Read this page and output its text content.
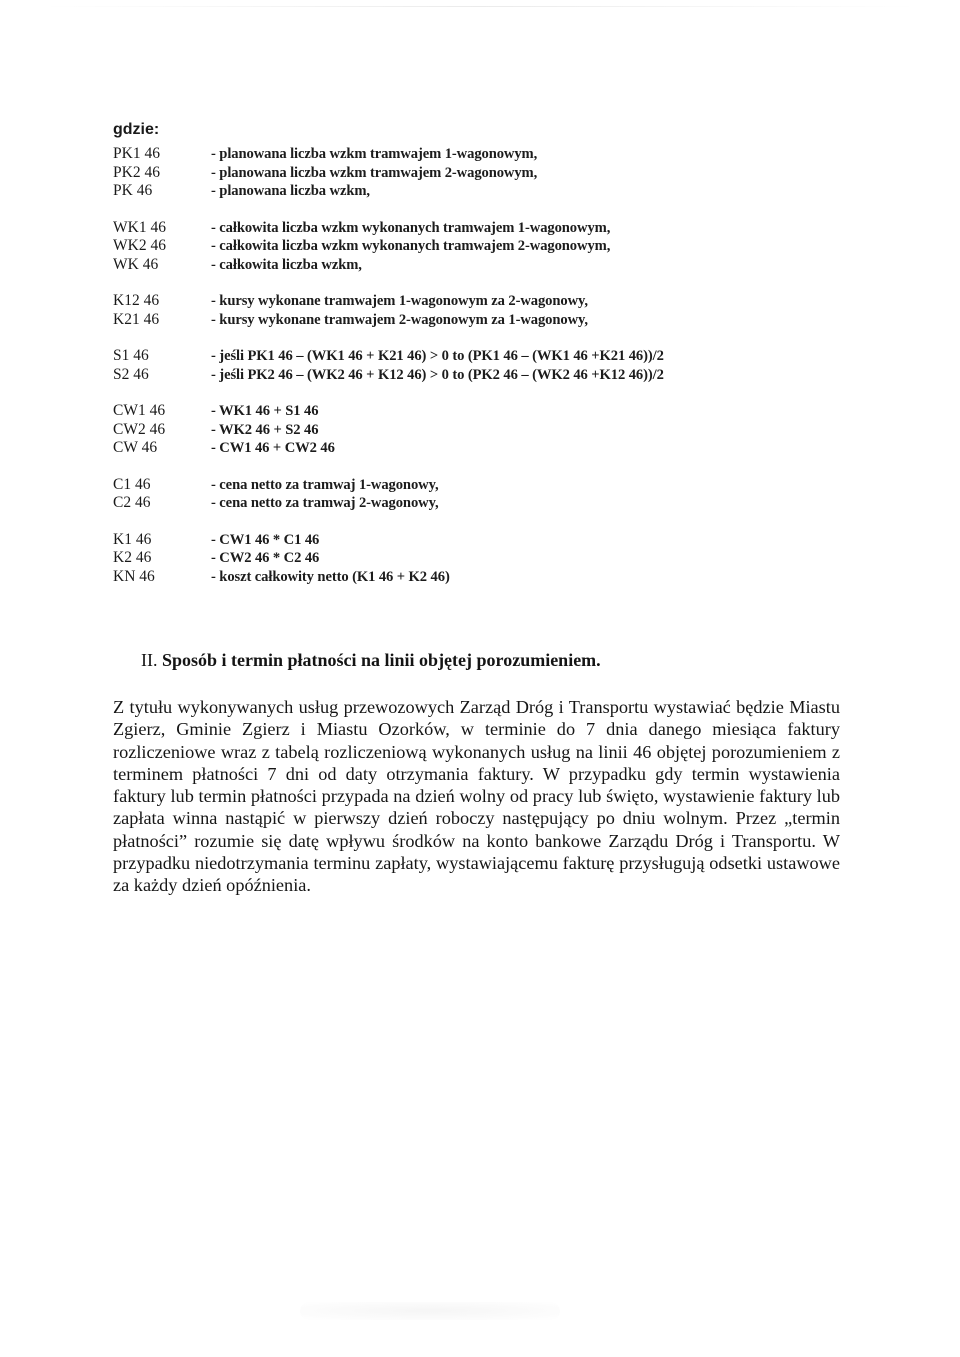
gdzie:
PK1 46	- planowana liczba wzkm tramwajem 1-wagonowym,
PK2 46	- planowana liczba wzkm tramwajem 2-wagonowym,
PK 46	- planowana liczba wzkm,
WK1 46	- całkowita liczba wzkm wykonanych tramwajem 1-wagonowym,
WK2 46	- całkowita liczba wzkm wykonanych tramwajem 2-wagonowym,
WK 46	- całkowita liczba wzkm,
K12 46	- kursy wykonane tramwajem 1-wagonowym za 2-wagonowy,
K21 46	- kursy wykonane tramwajem 2-wagonowym za 1-wagonowy,
S1 46	- jeśli PK1 46 – (WK1 46 + K21 46) > 0 to (PK1 46 – (WK1 46 +K21 46))/2
S2 46	- jeśli PK2 46 – (WK2 46 + K12 46) > 0 to (PK2 46 – (WK2 46 +K12 46))/2
CW1 46	- WK1 46 + S1 46
CW2 46	- WK2 46 + S2 46
CW 46	- CW1 46 + CW2 46
C1 46	- cena netto za tramwaj 1-wagonowy,
C2 46	- cena netto za tramwaj 2-wagonowy,
K1 46	- CW1 46 * C1 46
K2 46	- CW2 46 * C2 46
KN 46	- koszt całkowity netto (K1 46 + K2 46)
II. Sposób i termin płatności na linii objętej porozumieniem.
Z tytułu wykonywanych usług przewozowych Zarząd Dróg i Transportu wystawiać będzie Miastu Zgierz, Gminie Zgierz i Miastu Ozorków, w terminie do 7 dnia danego miesiąca faktury rozliczeniowe wraz z tabelą rozliczeniową wykonanych usług na linii 46 objętej porozumieniem z terminem płatności 7 dni od daty otrzymania faktury. W przypadku gdy termin wystawienia faktury lub termin płatności przypada na dzień wolny od pracy lub święto, wystawienie faktury lub zapłata winna nastąpić w pierwszy dzień roboczy następujący po dniu wolnym. Przez „termin płatności” rozumie się datę wpływu środków na konto bankowe Zarządu Dróg i Transportu. W przypadku niedotrzymania terminu zapłaty, wystawiającemu fakturę przysługują odsetki ustawowe za każdy dzień opóźnienia.
